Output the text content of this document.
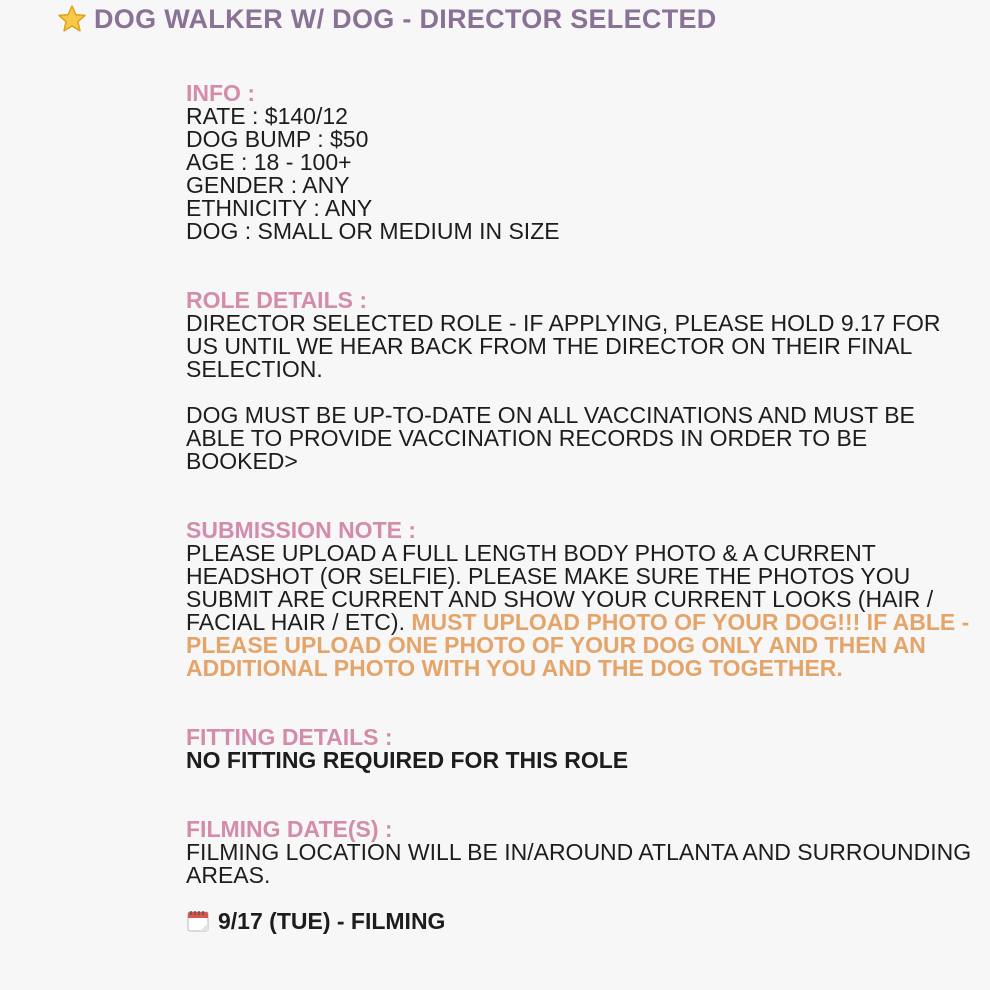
DOG WALKER W/ DOG - DIRECTOR SELECTED
INFO :
RATE : $140/12
DOG BUMP : $50
AGE : 18 - 100+
GENDER : ANY
ETHNICITY : ANY
DOG : SMALL OR MEDIUM IN SIZE
ROLE DETAILS :
DIRECTOR SELECTED ROLE - IF APPLYING, PLEASE HOLD 9.17 FOR US UNTIL WE HEAR BACK FROM THE DIRECTOR ON THEIR FINAL SELECTION.
DOG MUST BE UP-TO-DATE ON ALL VACCINATIONS AND MUST BE ABLE TO PROVIDE VACCINATION RECORDS IN ORDER TO BE BOOKED>
SUBMISSION NOTE :
PLEASE UPLOAD A FULL LENGTH BODY PHOTO & A CURRENT HEADSHOT (OR SELFIE). PLEASE MAKE SURE THE PHOTOS YOU SUBMIT ARE CURRENT AND SHOW YOUR CURRENT LOOKS (HAIR / FACIAL HAIR / ETC). MUST UPLOAD PHOTO OF YOUR DOG!!! IF ABLE - PLEASE UPLOAD ONE PHOTO OF YOUR DOG ONLY AND THEN AN ADDITIONAL PHOTO WITH YOU AND THE DOG TOGETHER.
FITTING DETAILS :
NO FITTING REQUIRED FOR THIS ROLE
FILMING DATE(S) :
FILMING LOCATION WILL BE IN/AROUND ATLANTA AND SURROUNDING AREAS.
9/17 (TUE) - FILMING
